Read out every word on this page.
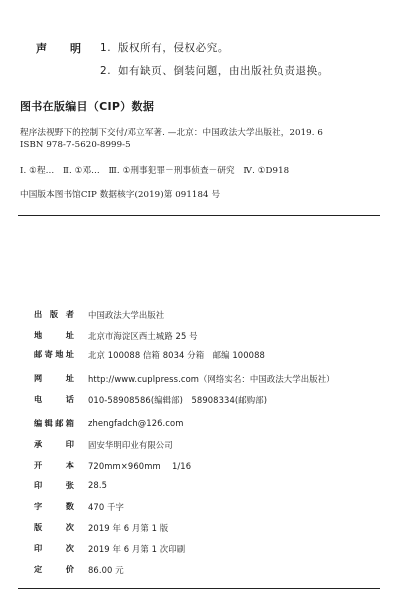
声 明 1. 版权所有，侵权必究。
2. 如有缺页、倒装问题，由出版社负责退换。
图书在版编目（CIP）数据
程序法视野下的控制下交付/邓立军著. —北京：中国政法大学出版社，2019. 6
ISBN 978-7-5620-8999-5
Ⅰ. ①程…　Ⅱ. ①邓…　Ⅲ. ①刑事犯罪－刑事侦查－研究　Ⅳ. ①D918
中国版本图书馆CIP 数据核字(2019)第 091184 号
出 版 者 中国政法大学出版社
地	址 北京市海淀区西土城路 25 号
邮 寄 地 址 北京 100088 信箱 8034 分箱　邮编 100088
网	址 http://www.cuplpress.com（网络实名：中国政法大学出版社）
电	话 010-58908586(编辑部)　58908334(邮购部)
编 辑 邮 箱 zhengfadch@126.com
承	印 固安华明印业有限公司
开	本 720mm×960mm　 1/16
印	张 28.5
字	数 470 千字
版	次 2019 年 6 月第 1 版
印	次 2019 年 6 月第 1 次印刷
定	价 86.00 元
